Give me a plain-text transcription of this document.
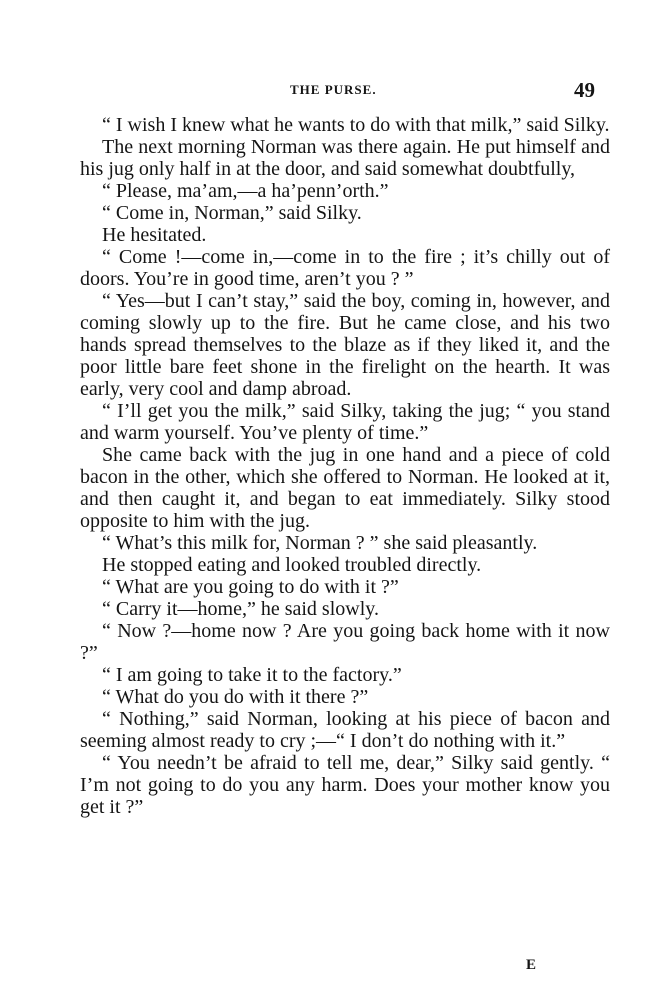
THE PURSE.	49

“ I wish I knew what he wants to do with that milk,” said Silky.

The next morning Norman was there again. He put himself and his jug only half in at the door, and said somewhat doubtfully,

“ Please, ma’am,—a ha’penn’orth.”

“ Come in, Norman,” said Silky.

He hesitated.

“ Come !—come in,—come in to the fire ; it’s chilly out of doors. You’re in good time, aren’t you ? ”

“ Yes—but I can’t stay,” said the boy, coming in, however, and coming slowly up to the fire. But he came close, and his two hands spread themselves to the blaze as if they liked it, and the poor little bare feet shone in the firelight on the hearth. It was early, very cool and damp abroad.

“ I’ll get you the milk,” said Silky, taking the jug; “ you stand and warm yourself. You’ve plenty of time.”

She came back with the jug in one hand and a piece of cold bacon in the other, which she offered to Norman. He looked at it, and then caught it, and began to eat immediately. Silky stood opposite to him with the jug.

“ What’s this milk for, Norman ? ” she said pleasantly.

He stopped eating and looked troubled directly.

“ What are you going to do with it ?”

“ Carry it—home,” he said slowly.

“ Now ?—home now ? Are you going back home with it now ?”

“ I am going to take it to the factory.”

“ What do you do with it there ?”

“ Nothing,” said Norman, looking at his piece of bacon and seeming almost ready to cry ;—“ I don’t do nothing with it.”

“ You needn’t be afraid to tell me, dear,” Silky said gently. “ I’m not going to do you any harm. Does your mother know you get it ?”

E
